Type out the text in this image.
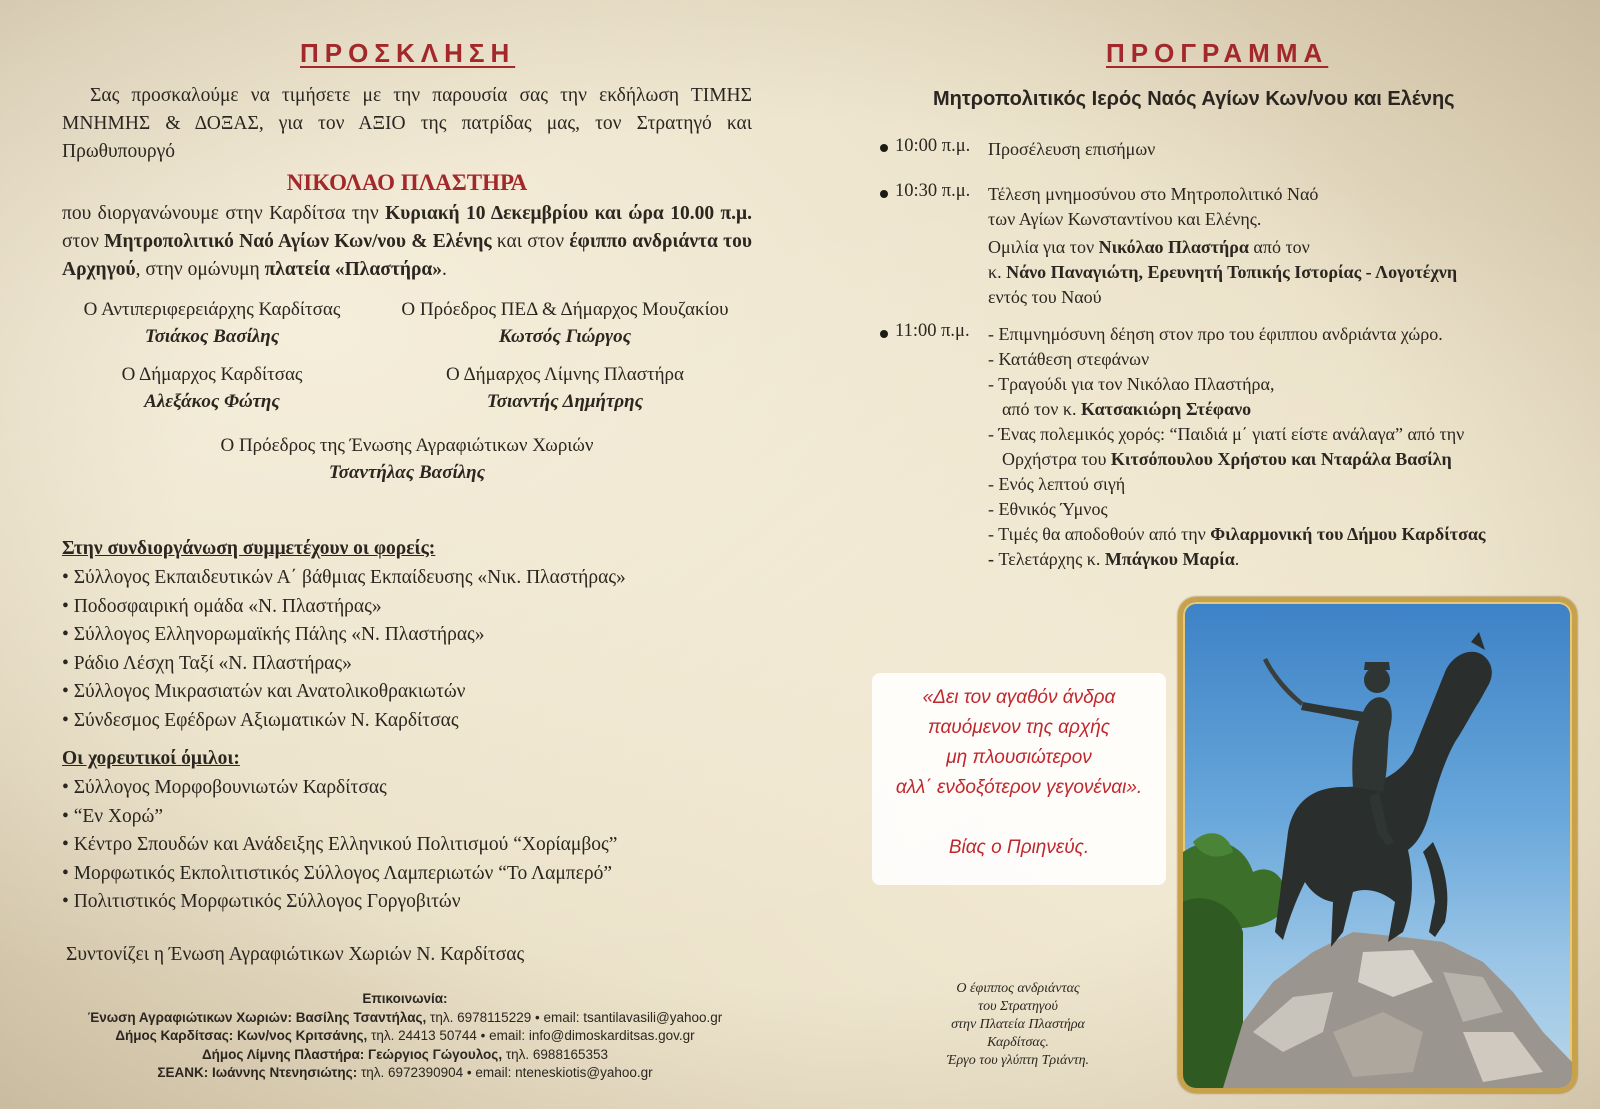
ΠΡΟΣΚΛΗΣΗ
Σας προσκαλούμε να τιμήσετε με την παρουσία σας την εκδήλωση ΤΙΜΗΣ ΜΝΗΜΗΣ & ΔΟΞΑΣ, για τον ΑΞΙΟ της πατρίδας μας, τον Στρατηγό και Πρωθυπουργό
ΝΙΚΟΛΑΟ ΠΛΑΣΤΗΡΑ
που διοργανώνουμε στην Καρδίτσα την Κυριακή 10 Δεκεμβρίου και ώρα 10.00 π.μ. στον Μητροπολιτικό Ναό Αγίων Κων/νου & Ελένης και στον έφιππο ανδριάντα του Αρχηγού, στην ομώνυμη πλατεία «Πλαστήρα».
Ο Αντιπεριφερειάρχης Καρδίτσας
Τσιάκος Βασίλης
Ο Πρόεδρος ΠΕΔ & Δήμαρχος Μουζακίου
Κωτσός Γιώργος
Ο Δήμαρχος Καρδίτσας
Αλεξάκος Φώτης
Ο Δήμαρχος Λίμνης Πλαστήρα
Τσιαντής Δημήτρης
Ο Πρόεδρος της Ένωσης Αγραφιώτικων Χωριών
Τσαντήλας Βασίλης
Στην συνδιοργάνωση συμμετέχουν οι φορείς:
• Σύλλογος Εκπαιδευτικών Α΄ βάθμιας Εκπαίδευσης «Νικ. Πλαστήρας»
• Ποδοσφαιρική ομάδα «Ν. Πλαστήρας»
• Σύλλογος Ελληνορωμαϊκής Πάλης «Ν. Πλαστήρας»
• Ράδιο Λέσχη Ταξί «Ν. Πλαστήρας»
• Σύλλογος Μικρασιατών και Ανατολικοθρακιωτών
• Σύνδεσμος Εφέδρων Αξιωματικών Ν. Καρδίτσας
Οι χορευτικοί όμιλοι:
• Σύλλογος Μορφοβουνιωτών Καρδίτσας
• “Εν Χορώ”
• Κέντρο Σπουδών και Ανάδειξης Ελληνικού Πολιτισμού “Χορίαμβος”
• Μορφωτικός Εκπολιτιστικός Σύλλογος Λαμπεριωτών “Το Λαμπερό”
• Πολιτιστικός Μορφωτικός Σύλλογος Γοργοβιτών
Συντονίζει η Ένωση Αγραφιώτικων Χωριών Ν. Καρδίτσας
Επικοινωνία:
Ένωση Αγραφιώτικων Χωριών: Βασίλης Τσαντήλας, τηλ. 6978115229 • email: tsantilavasili@yahoo.gr
Δήμος Καρδίτσας: Κων/νος Κριτσάνης, τηλ. 24413 50744 • email: info@dimoskarditsas.gov.gr
Δήμος Λίμνης Πλαστήρα: Γεώργιος Γώγουλος, τηλ. 6988165353
ΣΕΑΝΚ: Ιωάννης Ντενησιώτης: τηλ. 6972390904 • email: nteneskiotis@yahoo.gr
ΠΡΟΓΡΑΜΜΑ
Μητροπολιτικός Ιερός Ναός Αγίων Κων/νου και Ελένης
10:00 π.μ. Προσέλευση επισήμων
10:30 π.μ. Τέλεση μνημοσύνου στο Μητροπολιτικό Ναό
των Αγίων Κωνσταντίνου και Ελένης.
Ομιλία για τον Νικόλαο Πλαστήρα από τον
κ. Νάνο Παναγιώτη, Ερευνητή Τοπικής Ιστορίας - Λογοτέχνη
εντός του Ναού
11:00 π.μ. - Επιμνημόσυνη δέηση στον προ του έφιππου ανδριάντα χώρο.
- Κατάθεση στεφάνων
- Τραγούδι για τον Νικόλαο Πλαστήρα,
από τον κ. Κατσακιώρη Στέφανο
- Ένας πολεμικός χορός: “Παιδιά μ΄ γιατί είστε ανάλαγα” από την
Ορχήστρα του Κιτσόπουλου Χρήστου και Νταράλα Βασίλη
- Ενός λεπτού σιγή
- Εθνικός Ύμνος
- Τιμές θα αποδοθούν από την Φιλαρμονική του Δήμου Καρδίτσας
- Τελετάρχης κ. Μπάγκου Μαρία.
«Δει τον αγαθόν άνδρα
παυόμενον της αρχής
μη πλουσιώτερον
αλλ΄ ενδοξότερον γεγονέναι».
Βίας ο Πριηνεύς.
Ο έφιππος ανδριάντας
του Στρατηγού
στην Πλατεία Πλαστήρα
Καρδίτσας.
Έργο του γλύπτη Τριάντη.
